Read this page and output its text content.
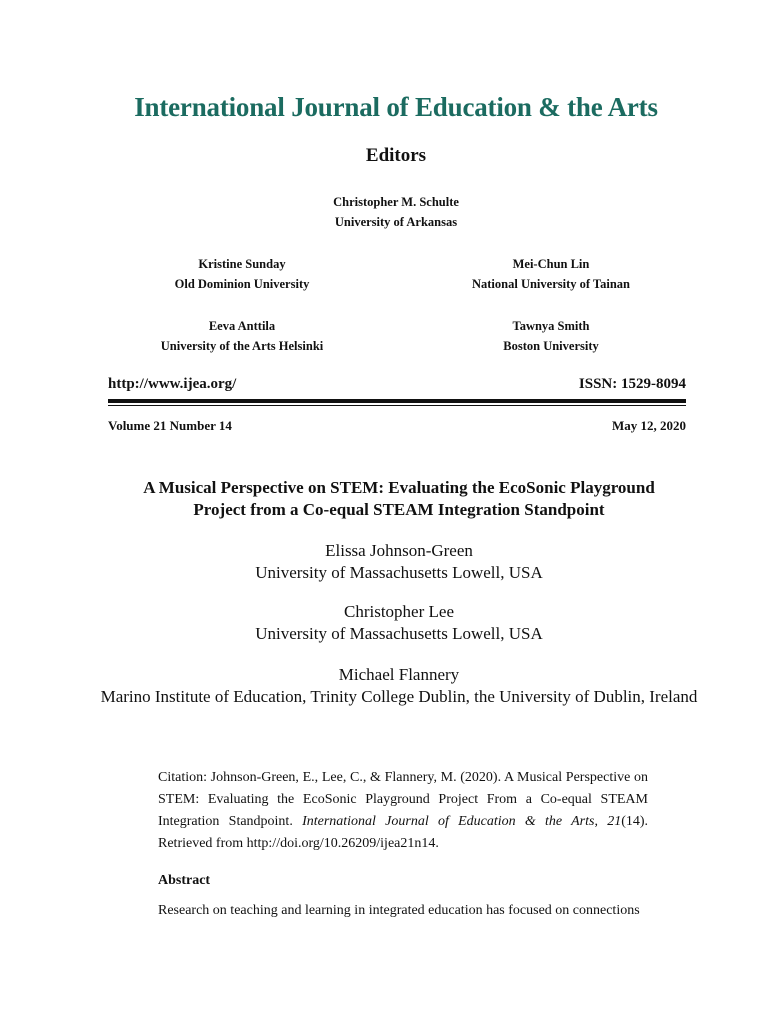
International Journal of Education & the Arts
Editors
Christopher M. Schulte
University of Arkansas
Kristine Sunday
Old Dominion University
Mei-Chun Lin
National University of Tainan
Eeva Anttila
University of the Arts Helsinki
Tawnya Smith
Boston University
http://www.ijea.org/	ISSN: 1529-8094
Volume 21 Number 14	May 12, 2020
A Musical Perspective on STEM: Evaluating the EcoSonic Playground
Project from a Co-equal STEAM Integration Standpoint
Elissa Johnson-Green
University of Massachusetts Lowell, USA
Christopher Lee
University of Massachusetts Lowell, USA
Michael Flannery
Marino Institute of Education, Trinity College Dublin, the University of Dublin, Ireland
Citation: Johnson-Green, E., Lee, C., & Flannery, M. (2020). A Musical Perspective on STEM: Evaluating the EcoSonic Playground Project From a Co-equal STEAM Integration Standpoint. International Journal of Education & the Arts, 21(14). Retrieved from http://doi.org/10.26209/ijea21n14.
Abstract
Research on teaching and learning in integrated education has focused on connections
